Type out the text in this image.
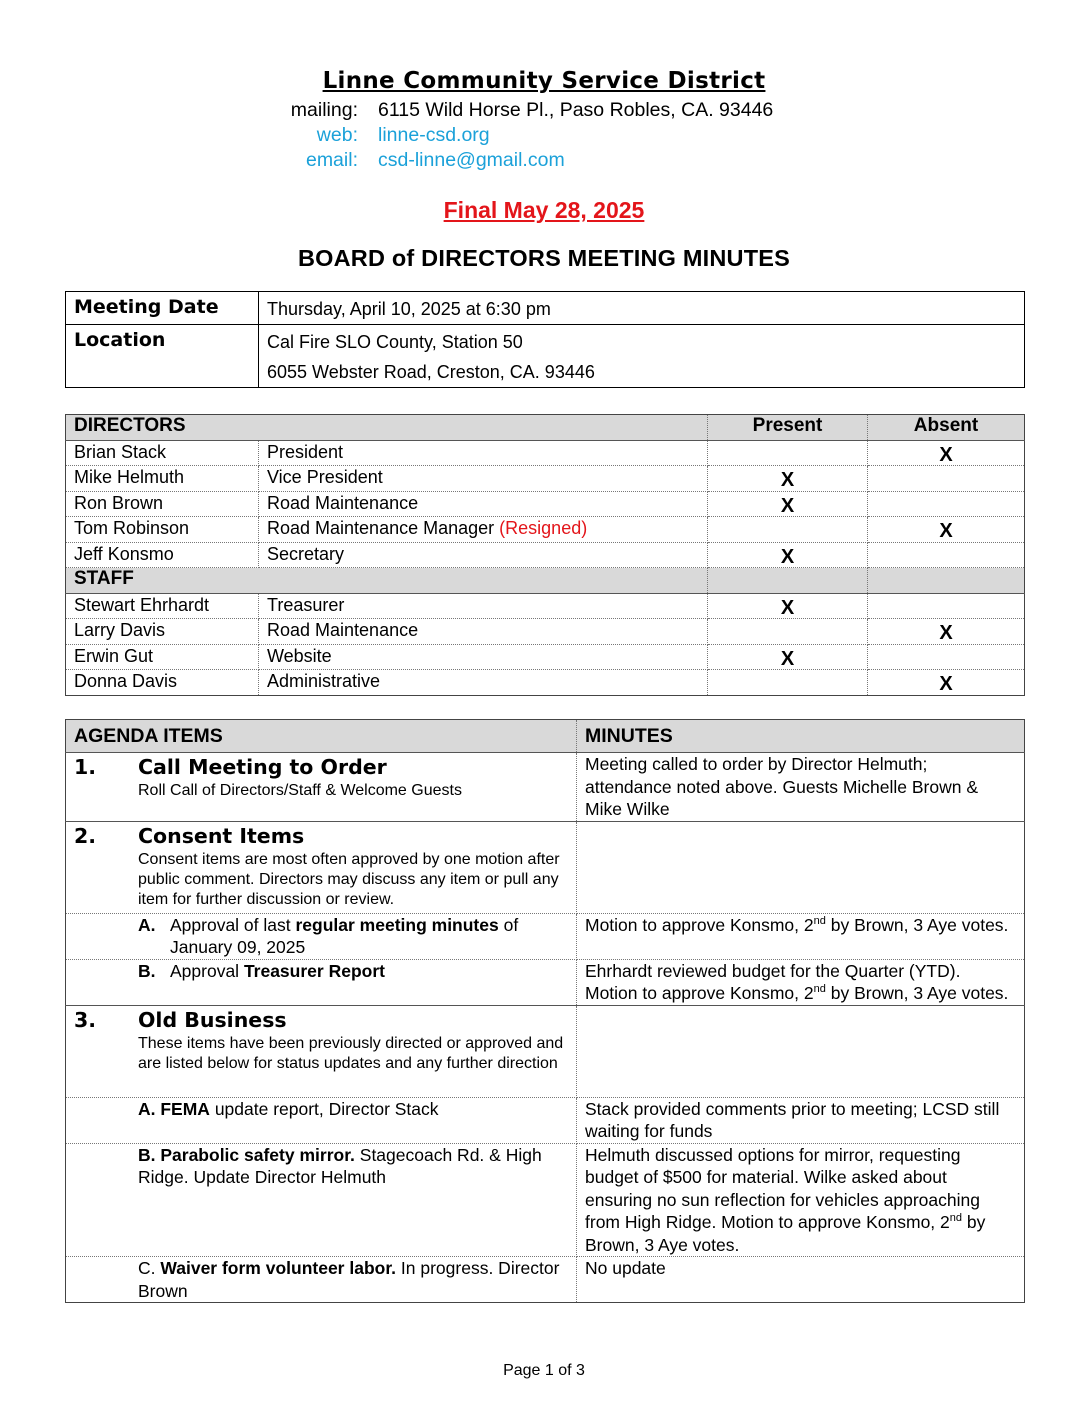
Linne Community Service District
mailing:	6115 Wild Horse Pl., Paso Robles, CA. 93446
web:	linne-csd.org
email:	csd-linne@gmail.com
Final May 28, 2025
BOARD of DIRECTORS MEETING MINUTES
Meeting Date	Thursday, April 10, 2025 at 6:30 pm

Location	Cal Fire SLO County, Station 50
6055 Webster Road, Creston, CA. 93446
DIRECTORS		Present	Absent
Brian Stack	President		X
Mike Helmuth	Vice President	X	
Ron Brown	Road Maintenance	X	
Tom Robinson	Road Maintenance Manager (Resigned)		X
Jeff Konsmo	Secretary	X	
STAFF			
Stewart Ehrhardt	Treasurer	X	
Larry Davis	Road Maintenance		X
Erwin Gut	Website	X	
Donna Davis	Administrative		X
AGENDA ITEMS	MINUTES

1. Call Meeting to Order
Roll Call of Directors/Staff & Welcome Guests	Meeting called to order by Director Helmuth; attendance noted above. Guests Michelle Brown & Mike Wilke

2. Consent Items
Consent items are most often approved by one motion after public comment. Directors may discuss any item or pull any item for further discussion or review.	

A. Approval of last regular meeting minutes of January 09, 2025	Motion to approve Konsmo, 2nd by Brown, 3 Aye votes.

B. Approval Treasurer Report	Ehrhardt reviewed budget for the Quarter (YTD).
Motion to approve Konsmo, 2nd by Brown, 3 Aye votes.

3. Old Business
These items have been previously directed or approved and are listed below for status updates and any further direction	

A. FEMA update report, Director Stack	Stack provided comments prior to meeting; LCSD still waiting for funds

B. Parabolic safety mirror. Stagecoach Rd. & High Ridge. Update Director Helmuth	Helmuth discussed options for mirror, requesting budget of $500 for material. Wilke asked about ensuring no sun reflection for vehicles approaching from High Ridge. Motion to approve Konsmo, 2nd by Brown, 3 Aye votes.

C. Waiver form volunteer labor. In progress. Director Brown	No update
Page 1 of 3
